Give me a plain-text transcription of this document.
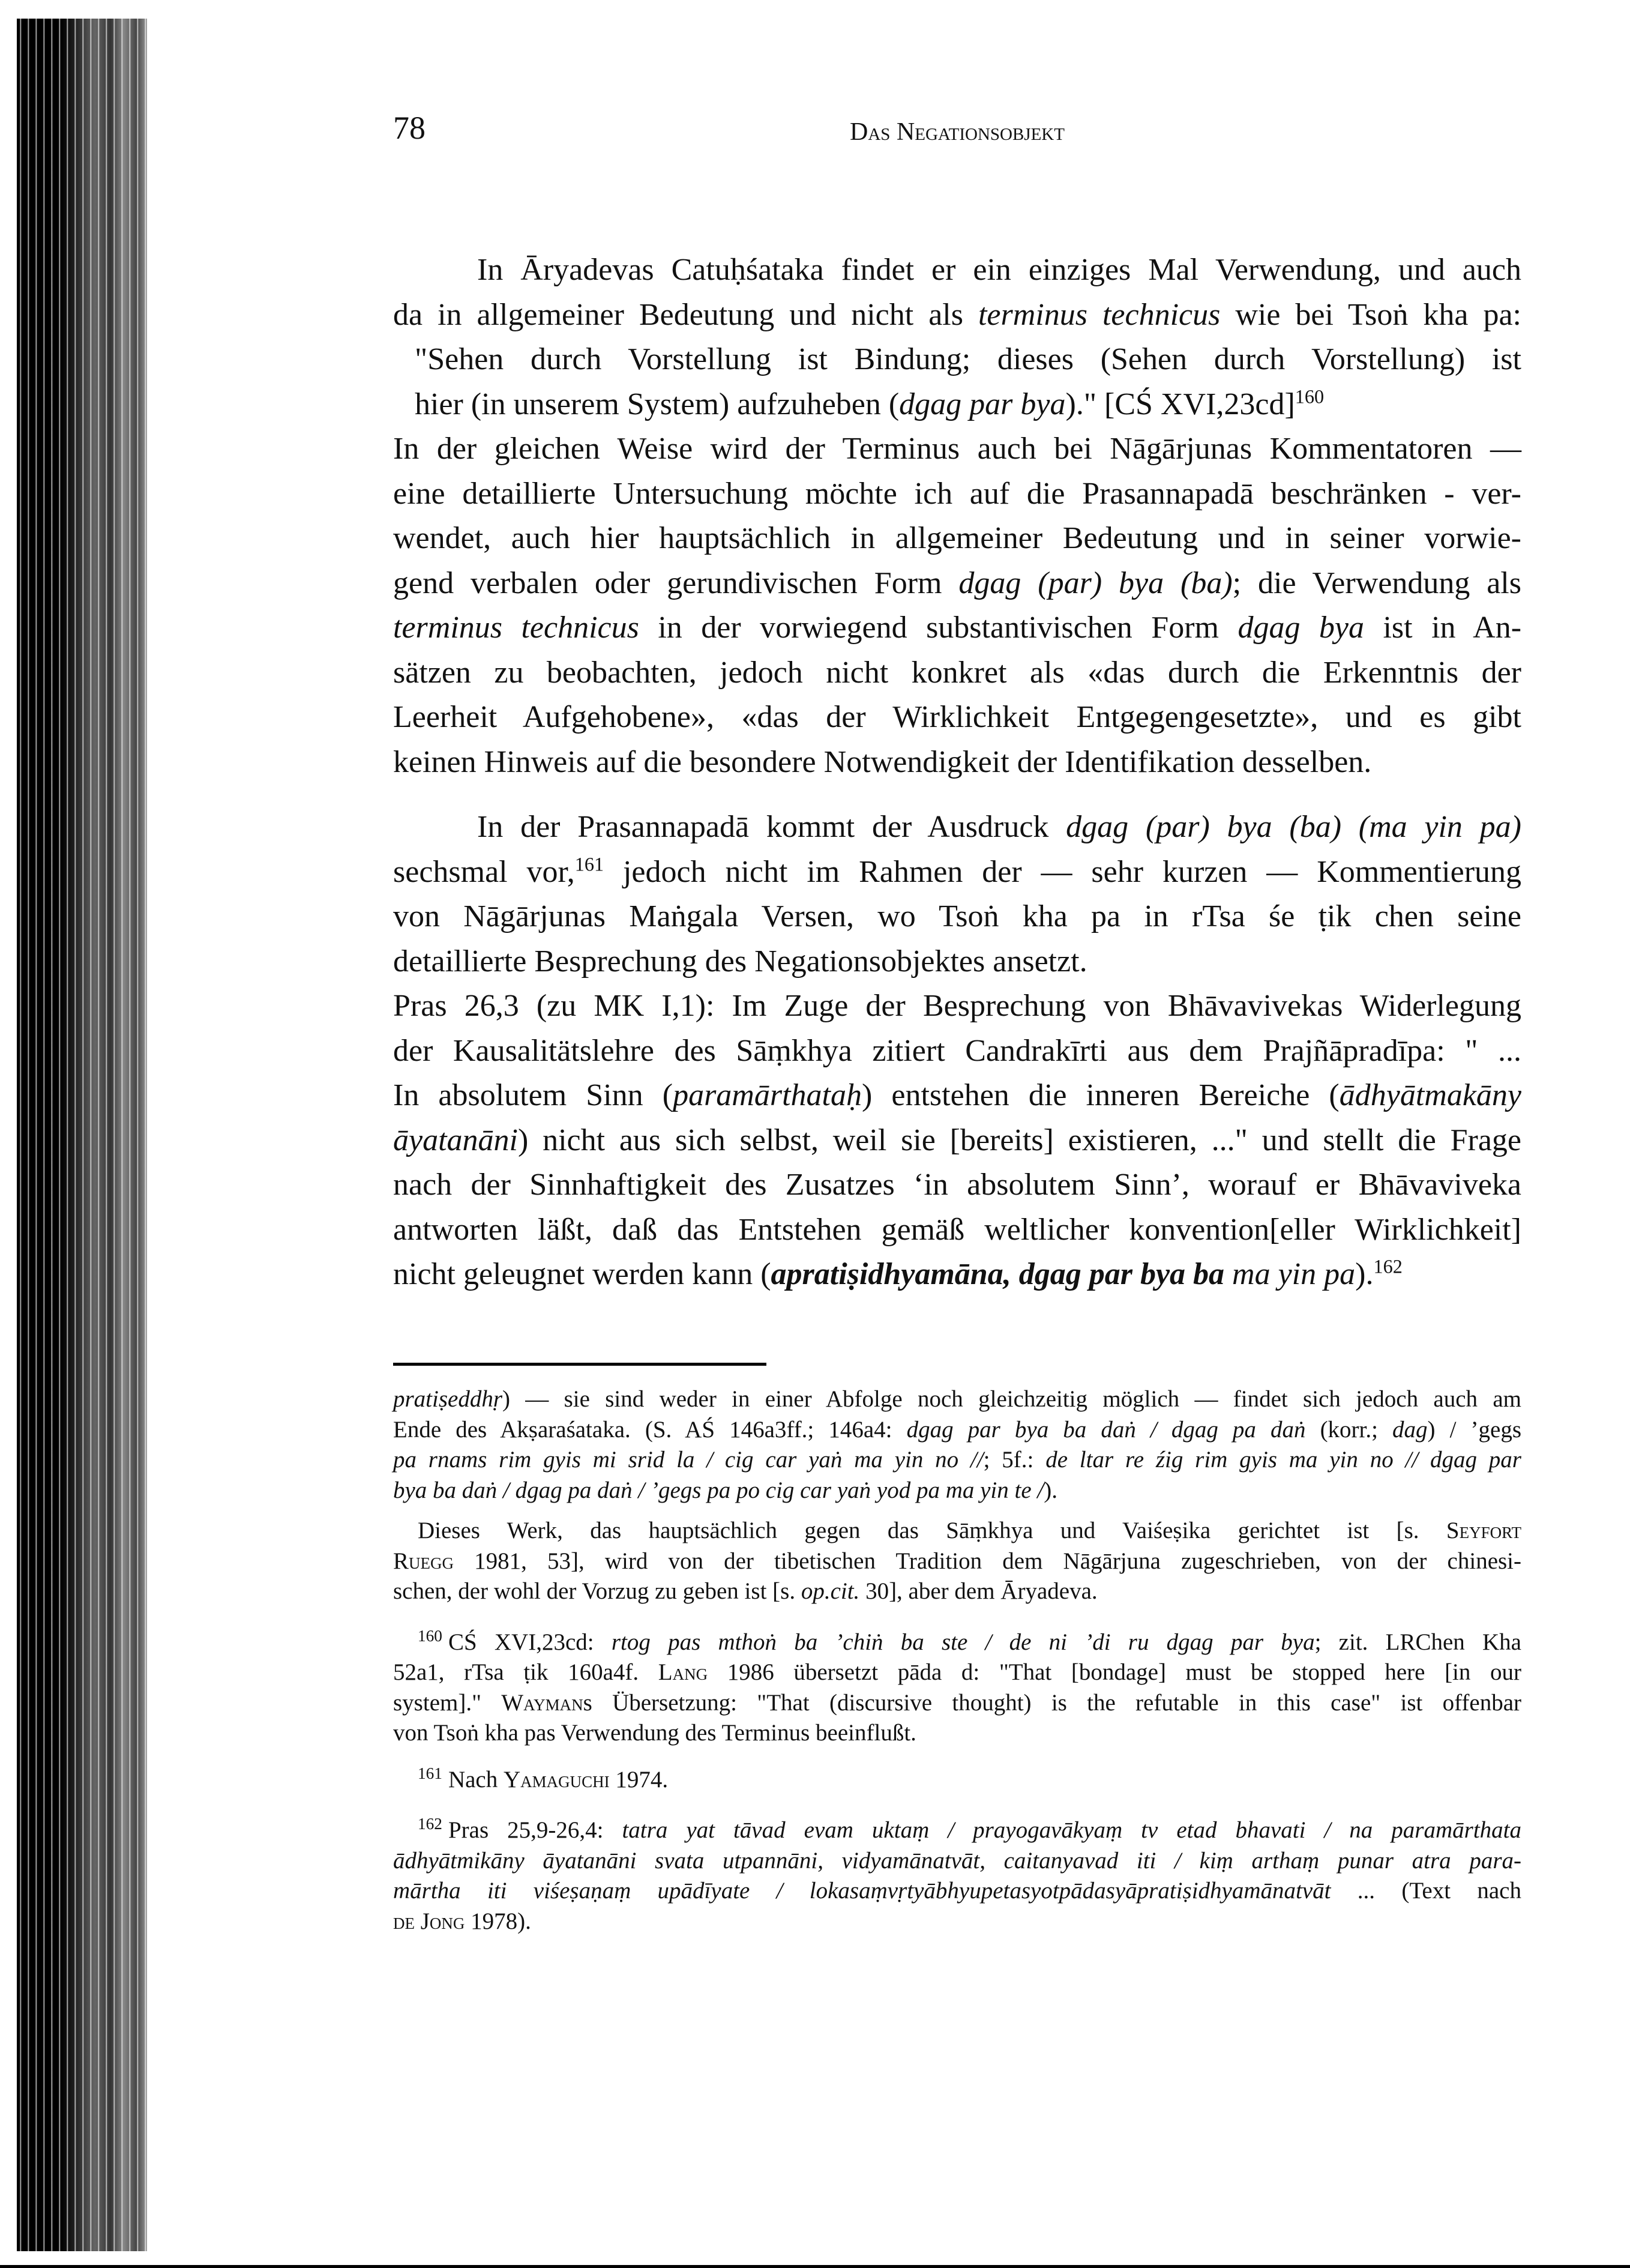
78	Das Negationsobjekt
In Āryadevas Catuḥśataka findet er ein einziges Mal Verwendung, und auch
da in allgemeiner Bedeutung und nicht als terminus technicus wie bei Tsoṅ kha pa:
"Sehen durch Vorstellung ist Bindung; dieses (Sehen durch Vorstellung) ist
hier (in unserem System) aufzuheben (dgag par bya)." [CŚ XVI,23cd]$^{160}$
In der gleichen Weise wird der Terminus auch bei Nāgārjunas Kommentatoren —
eine detaillierte Untersuchung möchte ich auf die Prasannapadā beschränken - ver-
wendet, auch hier hauptsächlich in allgemeiner Bedeutung und in seiner vorwie-
gend verbalen oder gerundivischen Form dgag (par) bya (ba); die Verwendung als
terminus technicus in der vorwiegend substantivischen Form dgag bya ist in An-
sätzen zu beobachten, jedoch nicht konkret als «das durch die Erkenntnis der
Leerheit Aufgehobene», «das der Wirklichkeit Entgegengesetzte», und es gibt
keinen Hinweis auf die besondere Notwendigkeit der Identifikation desselben.
In der Prasannapadā kommt der Ausdruck dgag (par) bya (ba) (ma yin pa)
sechsmal vor,$^{161}$ jedoch nicht im Rahmen der — sehr kurzen — Kommentierung
von Nāgārjunas Maṅgala Versen, wo Tsoṅ kha pa in rTsa śe ṭik chen seine
detaillierte Besprechung des Negationsobjektes ansetzt.
Pras 26,3 (zu MK I,1): Im Zuge der Besprechung von Bhāvavivekas Widerlegung
der Kausalitätslehre des Sāṃkhya zitiert Candrakīrti aus dem Prajñāpradīpa: " ...
In absolutem Sinn (paramārthataḥ) entstehen die inneren Bereiche (ādhyātmakāny
āyatanāni) nicht aus sich selbst, weil sie [bereits] existieren, ..." und stellt die Frage
nach der Sinnhaftigkeit des Zusatzes ‘in absolutem Sinn’, worauf er Bhāvaviveka
antworten läßt, daß das Entstehen gemäß weltlicher konvention[eller Wirklichkeit]
nicht geleugnet werden kann (apratiṣidhyamāna, dgag par bya ba ma yin pa).$^{162}$
pratiṣeddhṛ) — sie sind weder in einer Abfolge noch gleichzeitig möglich — findet sich jedoch auch am
Ende des Akṣaraśataka. (S. AŚ 146a3ff.; 146a4: dgag par bya ba daṅ / dgag pa daṅ (korr.; dag) / ’gegs
pa rnams rim gyis mi srid la / cig car yaṅ ma yin no //; 5f.: de ltar re źig rim gyis ma yin no // dgag par
bya ba daṅ / dgag pa daṅ / ’gegs pa po cig car yaṅ yod pa ma yin te /).
Dieses Werk, das hauptsächlich gegen das Sāṃkhya und Vaiśeṣika gerichtet ist [s. Seyfort
Ruegg 1981, 53], wird von der tibetischen Tradition dem Nāgārjuna zugeschrieben, von der chinesi-
schen, der wohl der Vorzug zu geben ist [s. op.cit. 30], aber dem Āryadeva.
$^{160}$ CŚ XVI,23cd: rtog pas mthoṅ ba ’chiṅ ba ste / de ni ’di ru dgag par bya; zit. LRChen Kha
52a1, rTsa ṭik 160a4f. Lang 1986 übersetzt pāda d: "That [bondage] must be stopped here [in our
system]." Waymans Übersetzung: "That (discursive thought) is the refutable in this case" ist offenbar
von Tsoṅ kha pas Verwendung des Terminus beeinflußt.
$^{161}$ Nach Yamaguchi 1974.
$^{162}$ Pras 25,9-26,4: tatra yat tāvad evam uktaṃ / prayogavākyaṃ tv etad bhavati / na paramārthata
ādhyātmikāny āyatanāni svata utpannāni, vidyamānatvāt, caitanyavad iti / kiṃ arthaṃ punar atra para-
mārtha iti viśeṣaṇaṃ upādīyate / lokasaṃvṛtyābhyupetasyotpādasyāpratiṣidhyamānatvāt ... (Text nach
de Jong 1978).
